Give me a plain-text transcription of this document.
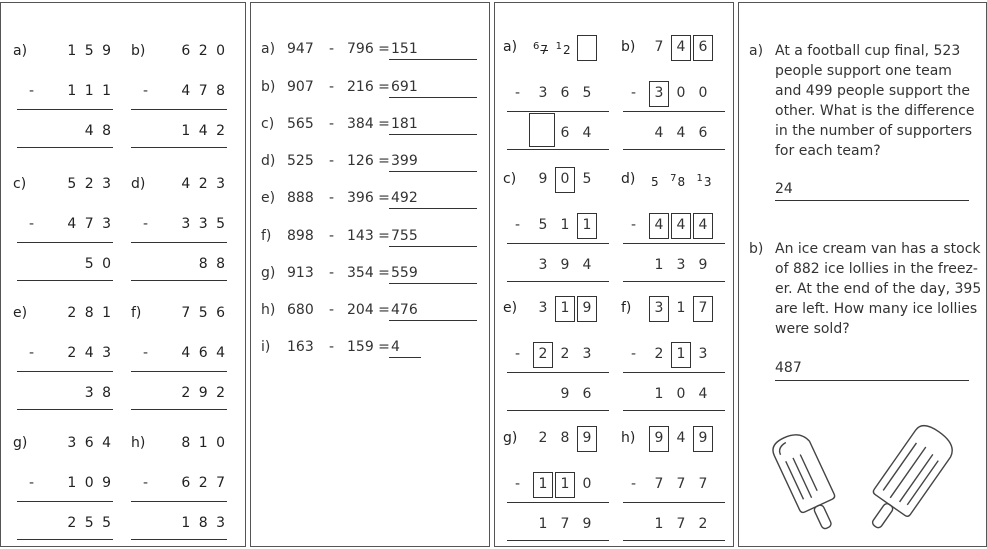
a)	1 5 9
-	1 1 1
4 8
b)	6 2 0
-	4 7 8
1 4 2
c)	5 2 3
-	4 7 3
5 0
d)	4 2 3
-	3 3 5
8 8
e)	2 8 1
-	2 4 3
3 8
f)	7 5 6
-	4 6 4
2 9 2
g)	3 6 4
-	1 0 9
2 5 5
h)	8 1 0
-	6 2 7
1 8 3
a) 947 - 796 = 151
b) 907 - 216 = 691
c) 565 - 384 = 181
d) 525 - 126 = 399
e) 888 - 396 = 492
f) 898 - 143 = 755
g) 913 - 354 = 559
h) 680 - 204 = 476
i) 163 - 159 = 4
a) $^6$7 $^1$2
- 3 6 5
6 4
b) 7 4 6
- 3 0 0
4 4 6
c) 9 0 5
- 5 1 1
3 9 4
d) 5   $^7$8   $^1$3
- 4 4 4
1 3 9
e) 3 1 9
- 2 2 3
9 6
f) 3 1 7
- 2 1 3
1 0 4
g) 2 8 9
- 1 1 0
1 7 9
h) 9 4 9
- 7 7 7
1 7 2
a) At a football cup final, 523
people support one team
and 499 people support the
other. What is the difference
in the number of supporters
for each team?
24
b) An ice cream van has a stock
of 882 ice lollies in the freez-
er. At the end of the day, 395
are left. How many ice lollies
were sold?
487
